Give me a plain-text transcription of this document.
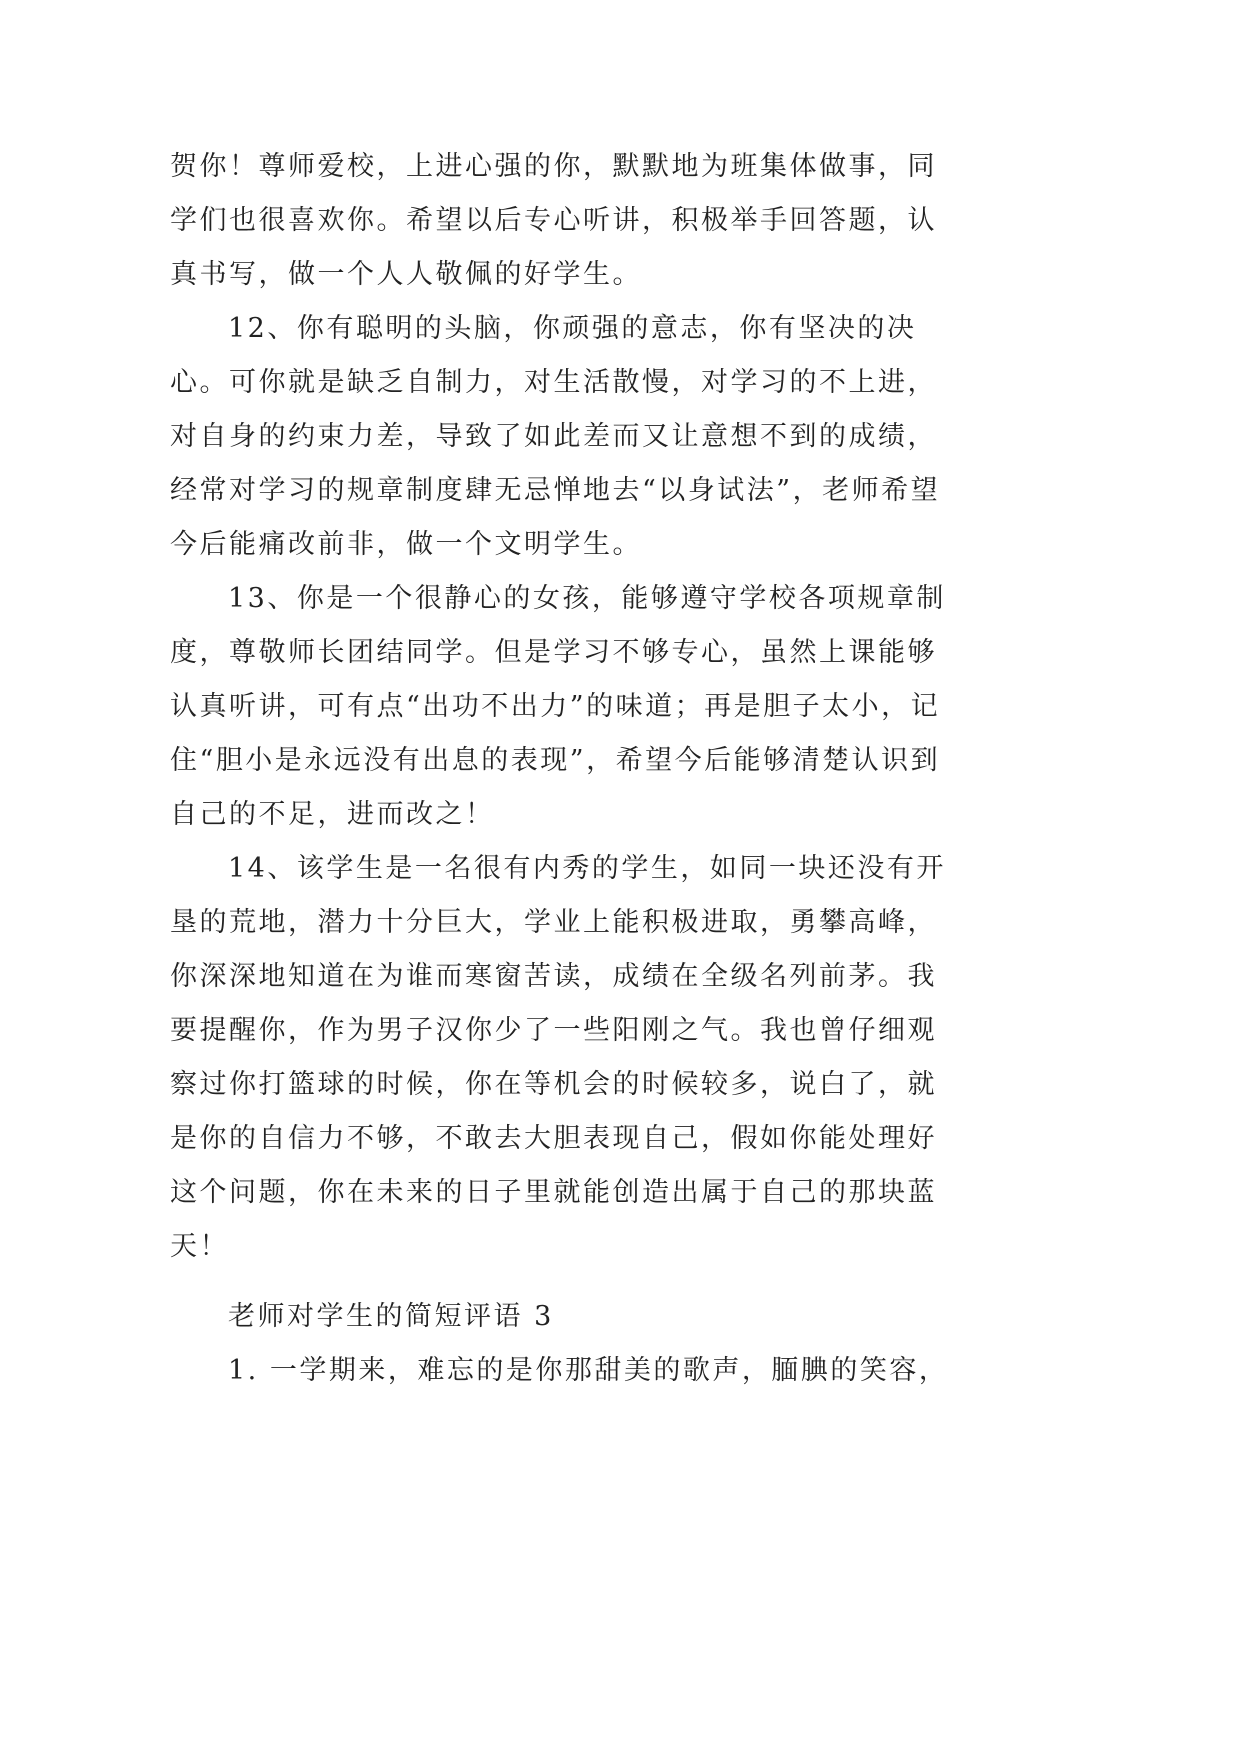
贺你！尊师爱校，上进心强的你，默默地为班集体做事，同学们也很喜欢你。希望以后专心听讲，积极举手回答题，认真书写，做一个人人敬佩的好学生。

12、你有聪明的头脑，你顽强的意志，你有坚决的决心。可你就是缺乏自制力，对生活散慢，对学习的不上进，对自身的约束力差，导致了如此差而又让意想不到的成绩，经常对学习的规章制度肆无忌惮地去“以身试法”，老师希望今后能痛改前非，做一个文明学生。

13、你是一个很静心的女孩，能够遵守学校各项规章制度，尊敬师长团结同学。但是学习不够专心，虽然上课能够认真听讲，可有点“出功不出力”的味道；再是胆子太小，记住“胆小是永远没有出息的表现”，希望今后能够清楚认识到自己的不足，进而改之！

14、该学生是一名很有内秀的学生，如同一块还没有开垦的荒地，潜力十分巨大，学业上能积极进取，勇攀高峰，你深深地知道在为谁而寒窗苦读，成绩在全级名列前茅。我要提醒你，作为男子汉你少了一些阳刚之气。我也曾仔细观察过你打篮球的时候，你在等机会的时候较多，说白了，就是你的自信力不够，不敢去大胆表现自己，假如你能处理好这个问题，你在未来的日子里就能创造出属于自己的那块蓝天！

老师对学生的简短评语 3

1. 一学期来，难忘的是你那甜美的歌声，腼腆的笑容，
